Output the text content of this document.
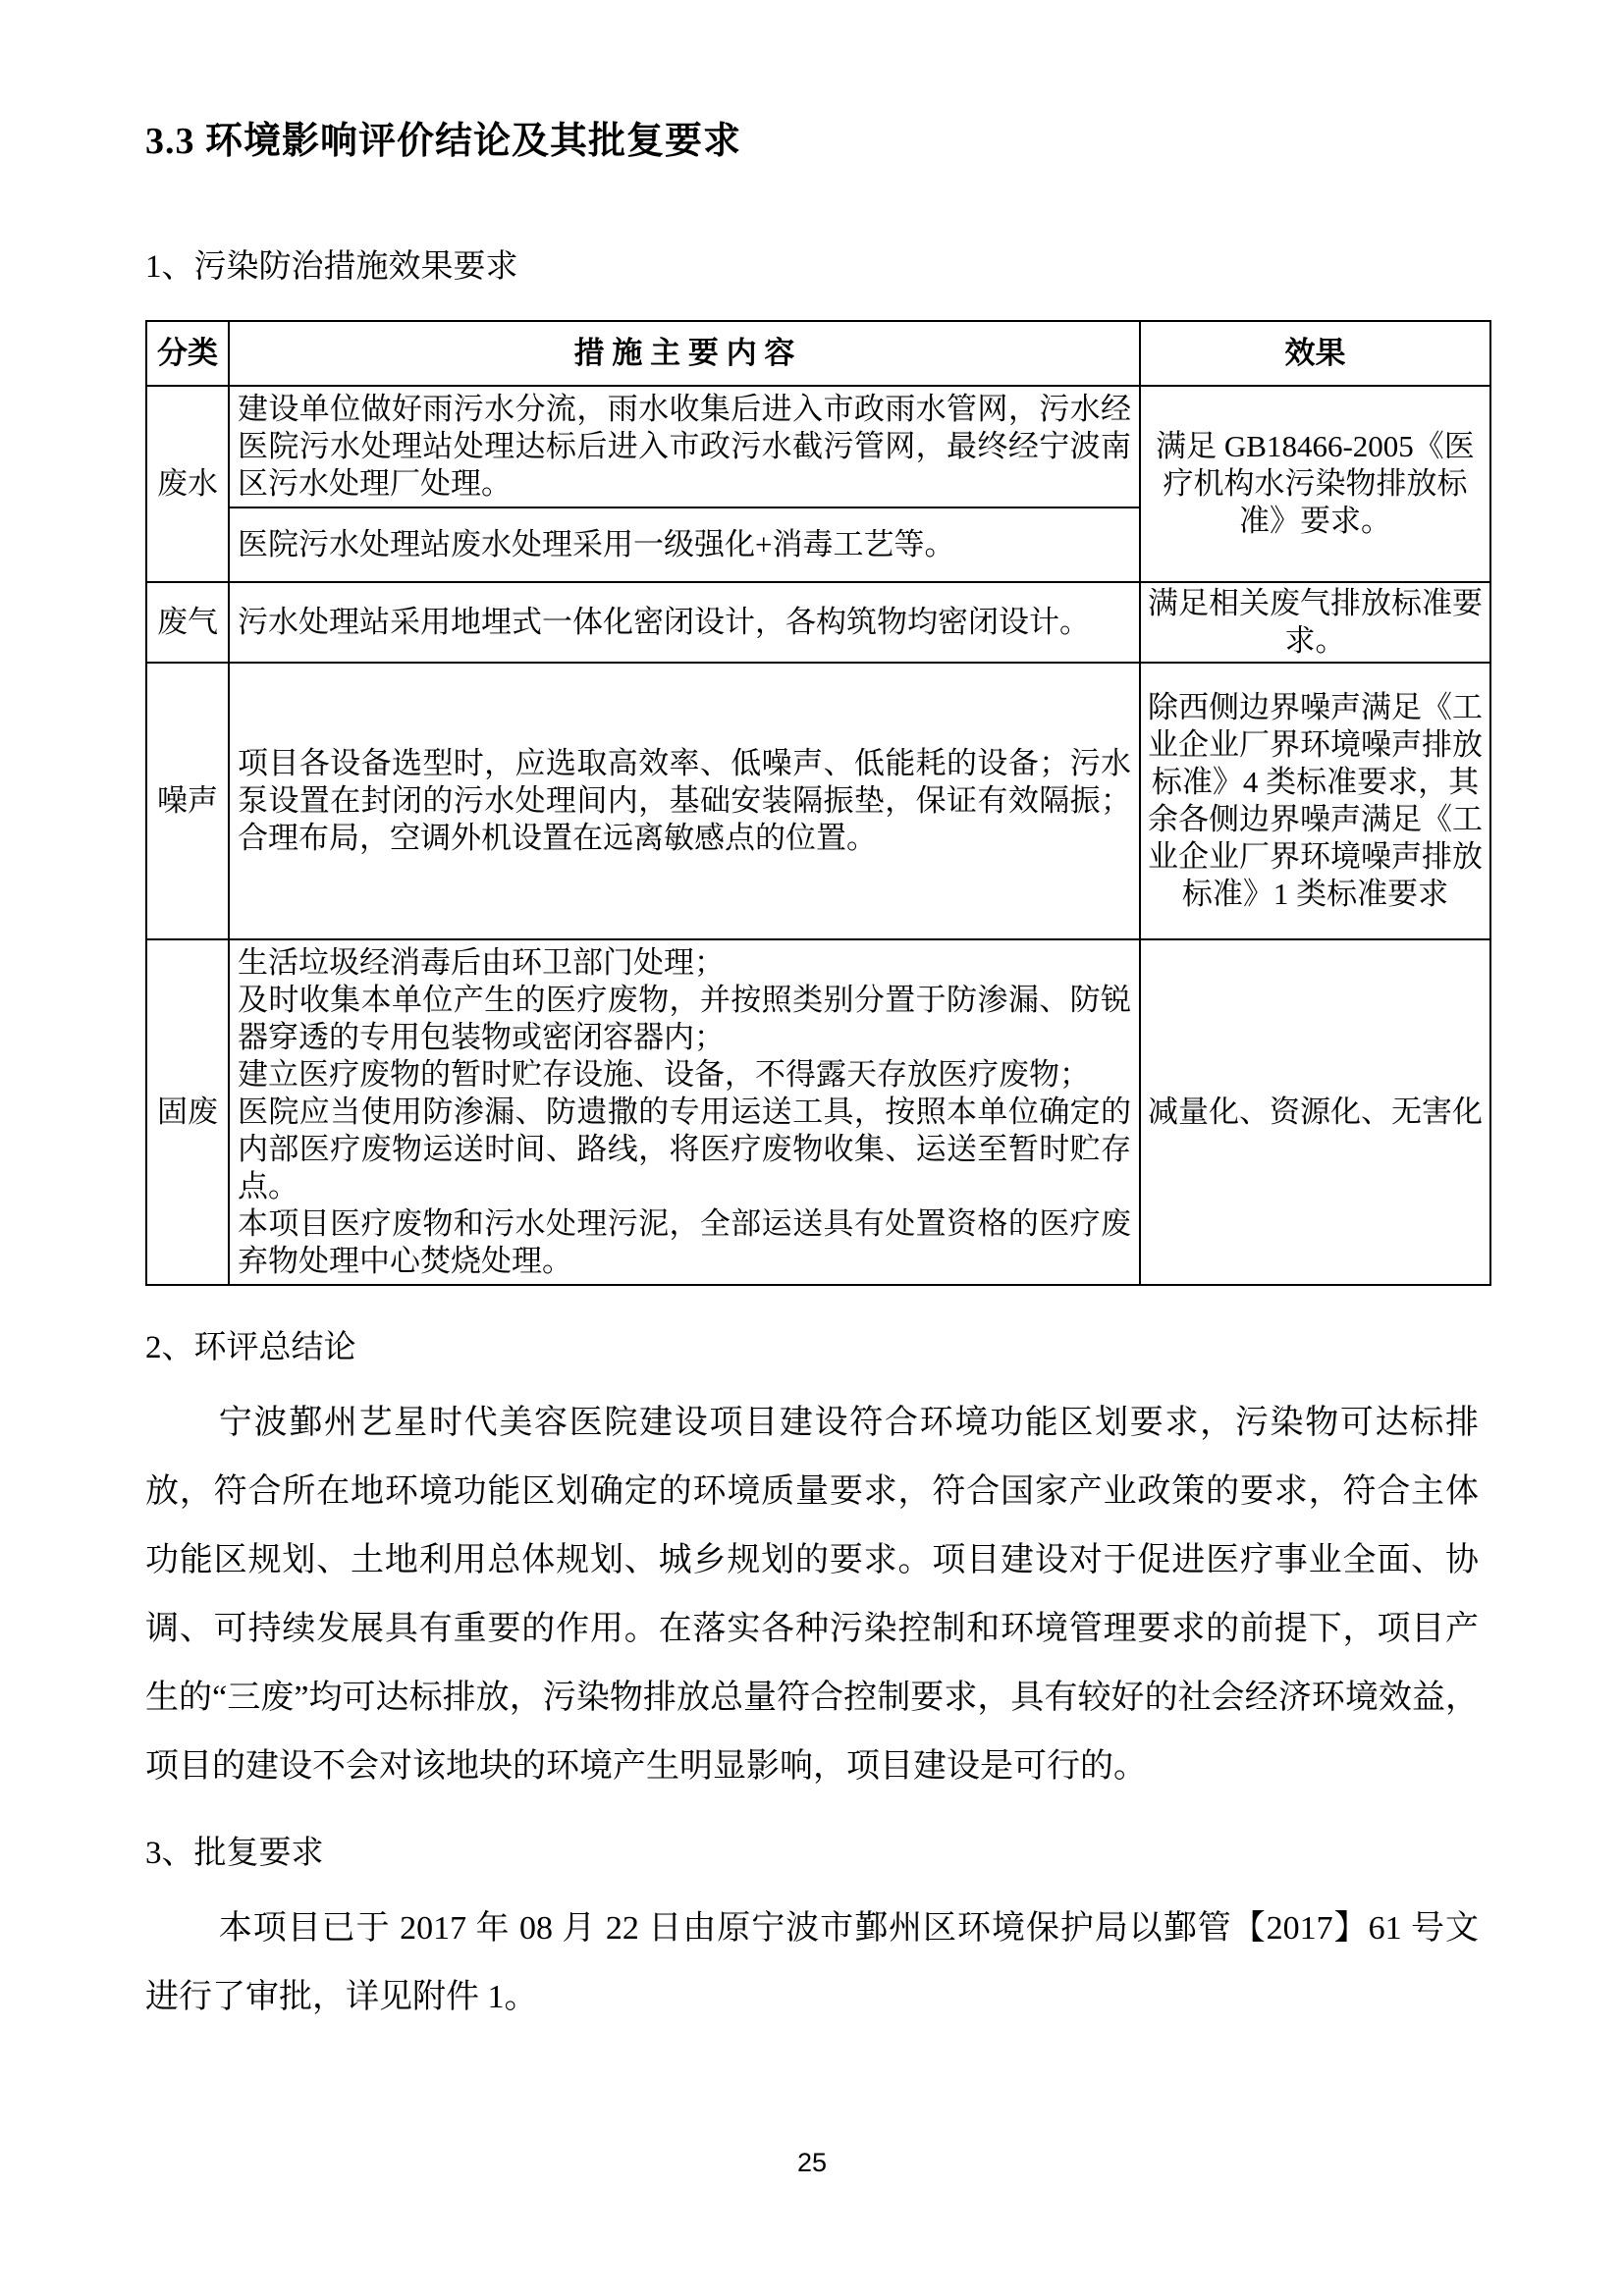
3.3 环境影响评价结论及其批复要求

1、污染防治措施效果要求

分类	措 施 主 要 内 容	效果
废水	建设单位做好雨污水分流，雨水收集后进入市政雨水管网，污水经医院污水处理站处理达标后进入市政污水截污管网，最终经宁波南区污水处理厂处理。	满足 GB18466-2005《医疗机构水污染物排放标准》要求。
	医院污水处理站废水处理采用一级强化+消毒工艺等。	
废气	污水处理站采用地埋式一体化密闭设计，各构筑物均密闭设计。	满足相关废气排放标准要求。
噪声	项目各设备选型时，应选取高效率、低噪声、低能耗的设备；污水泵设置在封闭的污水处理间内，基础安装隔振垫，保证有效隔振；合理布局，空调外机设置在远离敏感点的位置。	除西侧边界噪声满足《工业企业厂界环境噪声排放标准》4 类标准要求，其余各侧边界噪声满足《工业企业厂界环境噪声排放标准》1 类标准要求
固废	生活垃圾经消毒后由环卫部门处理；
及时收集本单位产生的医疗废物，并按照类别分置于防渗漏、防锐器穿透的专用包装物或密闭容器内；
建立医疗废物的暂时贮存设施、设备，不得露天存放医疗废物；
医院应当使用防渗漏、防遗撒的专用运送工具，按照本单位确定的内部医疗废物运送时间、路线，将医疗废物收集、运送至暂时贮存点。
本项目医疗废物和污水处理污泥，全部运送具有处置资格的医疗废弃物处理中心焚烧处理。	减量化、资源化、无害化

2、环评总结论

宁波鄞州艺星时代美容医院建设项目建设符合环境功能区划要求，污染物可达标排放，符合所在地环境功能区划确定的环境质量要求，符合国家产业政策的要求，符合主体功能区规划、土地利用总体规划、城乡规划的要求。项目建设对于促进医疗事业全面、协调、可持续发展具有重要的作用。在落实各种污染控制和环境管理要求的前提下，项目产生的“三废”均可达标排放，污染物排放总量符合控制要求，具有较好的社会经济环境效益，项目的建设不会对该地块的环境产生明显影响，项目建设是可行的。

3、批复要求

本项目已于 2017 年 08 月 22 日由原宁波市鄞州区环境保护局以鄞管【2017】61 号文进行了审批，详见附件 1。

25
